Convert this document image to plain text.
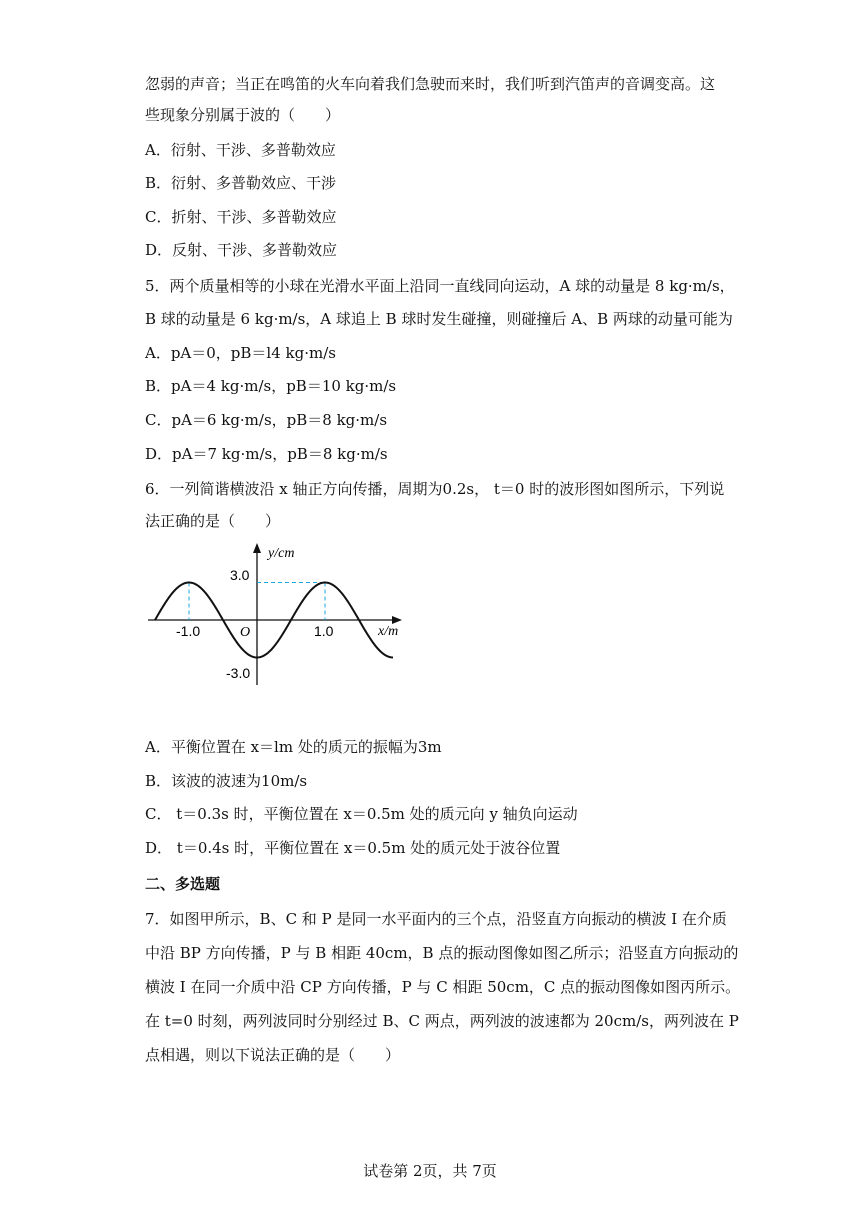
忽弱的声音；当正在鸣笛的火车向着我们急驶而来时，我们听到汽笛声的音调变高。这
些现象分别属于波的（　　）
A．衍射、干涉、多普勒效应
B．衍射、多普勒效应、干涉
C．折射、干涉、多普勒效应
D．反射、干涉、多普勒效应
5．两个质量相等的小球在光滑水平面上沿同一直线同向运动，A 球的动量是 8 kg·m/s，
B 球的动量是 6 kg·m/s，A 球追上 B 球时发生碰撞，则碰撞后 A、B 两球的动量可能为
A．pA＝0，pB＝l4 kg·m/s
B．pA＝4 kg·m/s，pB＝10 kg·m/s
C．pA＝6 kg·m/s，pB＝8 kg·m/s
D．pA＝7 kg·m/s，pB＝8 kg·m/s
6．一列简谐横波沿 x 轴正方向传播，周期为0.2s， t＝0 时的波形图如图所示，下列说
法正确的是（　　）
y/cm
x/m
O
-1.0	1.0
3.0
-3.0
A．平衡位置在 x＝lm 处的质元的振幅为3m
B．该波的波速为10m/s
C． t＝0.3s 时，平衡位置在 x＝0.5m 处的质元向 y 轴负向运动
D． t＝0.4s 时，平衡位置在 x＝0.5m 处的质元处于波谷位置
二、多选题
7．如图甲所示，B、C 和 P 是同一水平面内的三个点，沿竖直方向振动的横波 I 在介质
中沿 BP 方向传播，P 与 B 相距 40cm，B 点的振动图像如图乙所示；沿竖直方向振动的
横波 I 在同一介质中沿 CP 方向传播，P 与 C 相距 50cm，C 点的振动图像如图丙所示。
在 t=0 时刻，两列波同时分别经过 B、C 两点，两列波的波速都为 20cm/s，两列波在 P
点相遇，则以下说法正确的是（　　）
试卷第 2页，共 7页
